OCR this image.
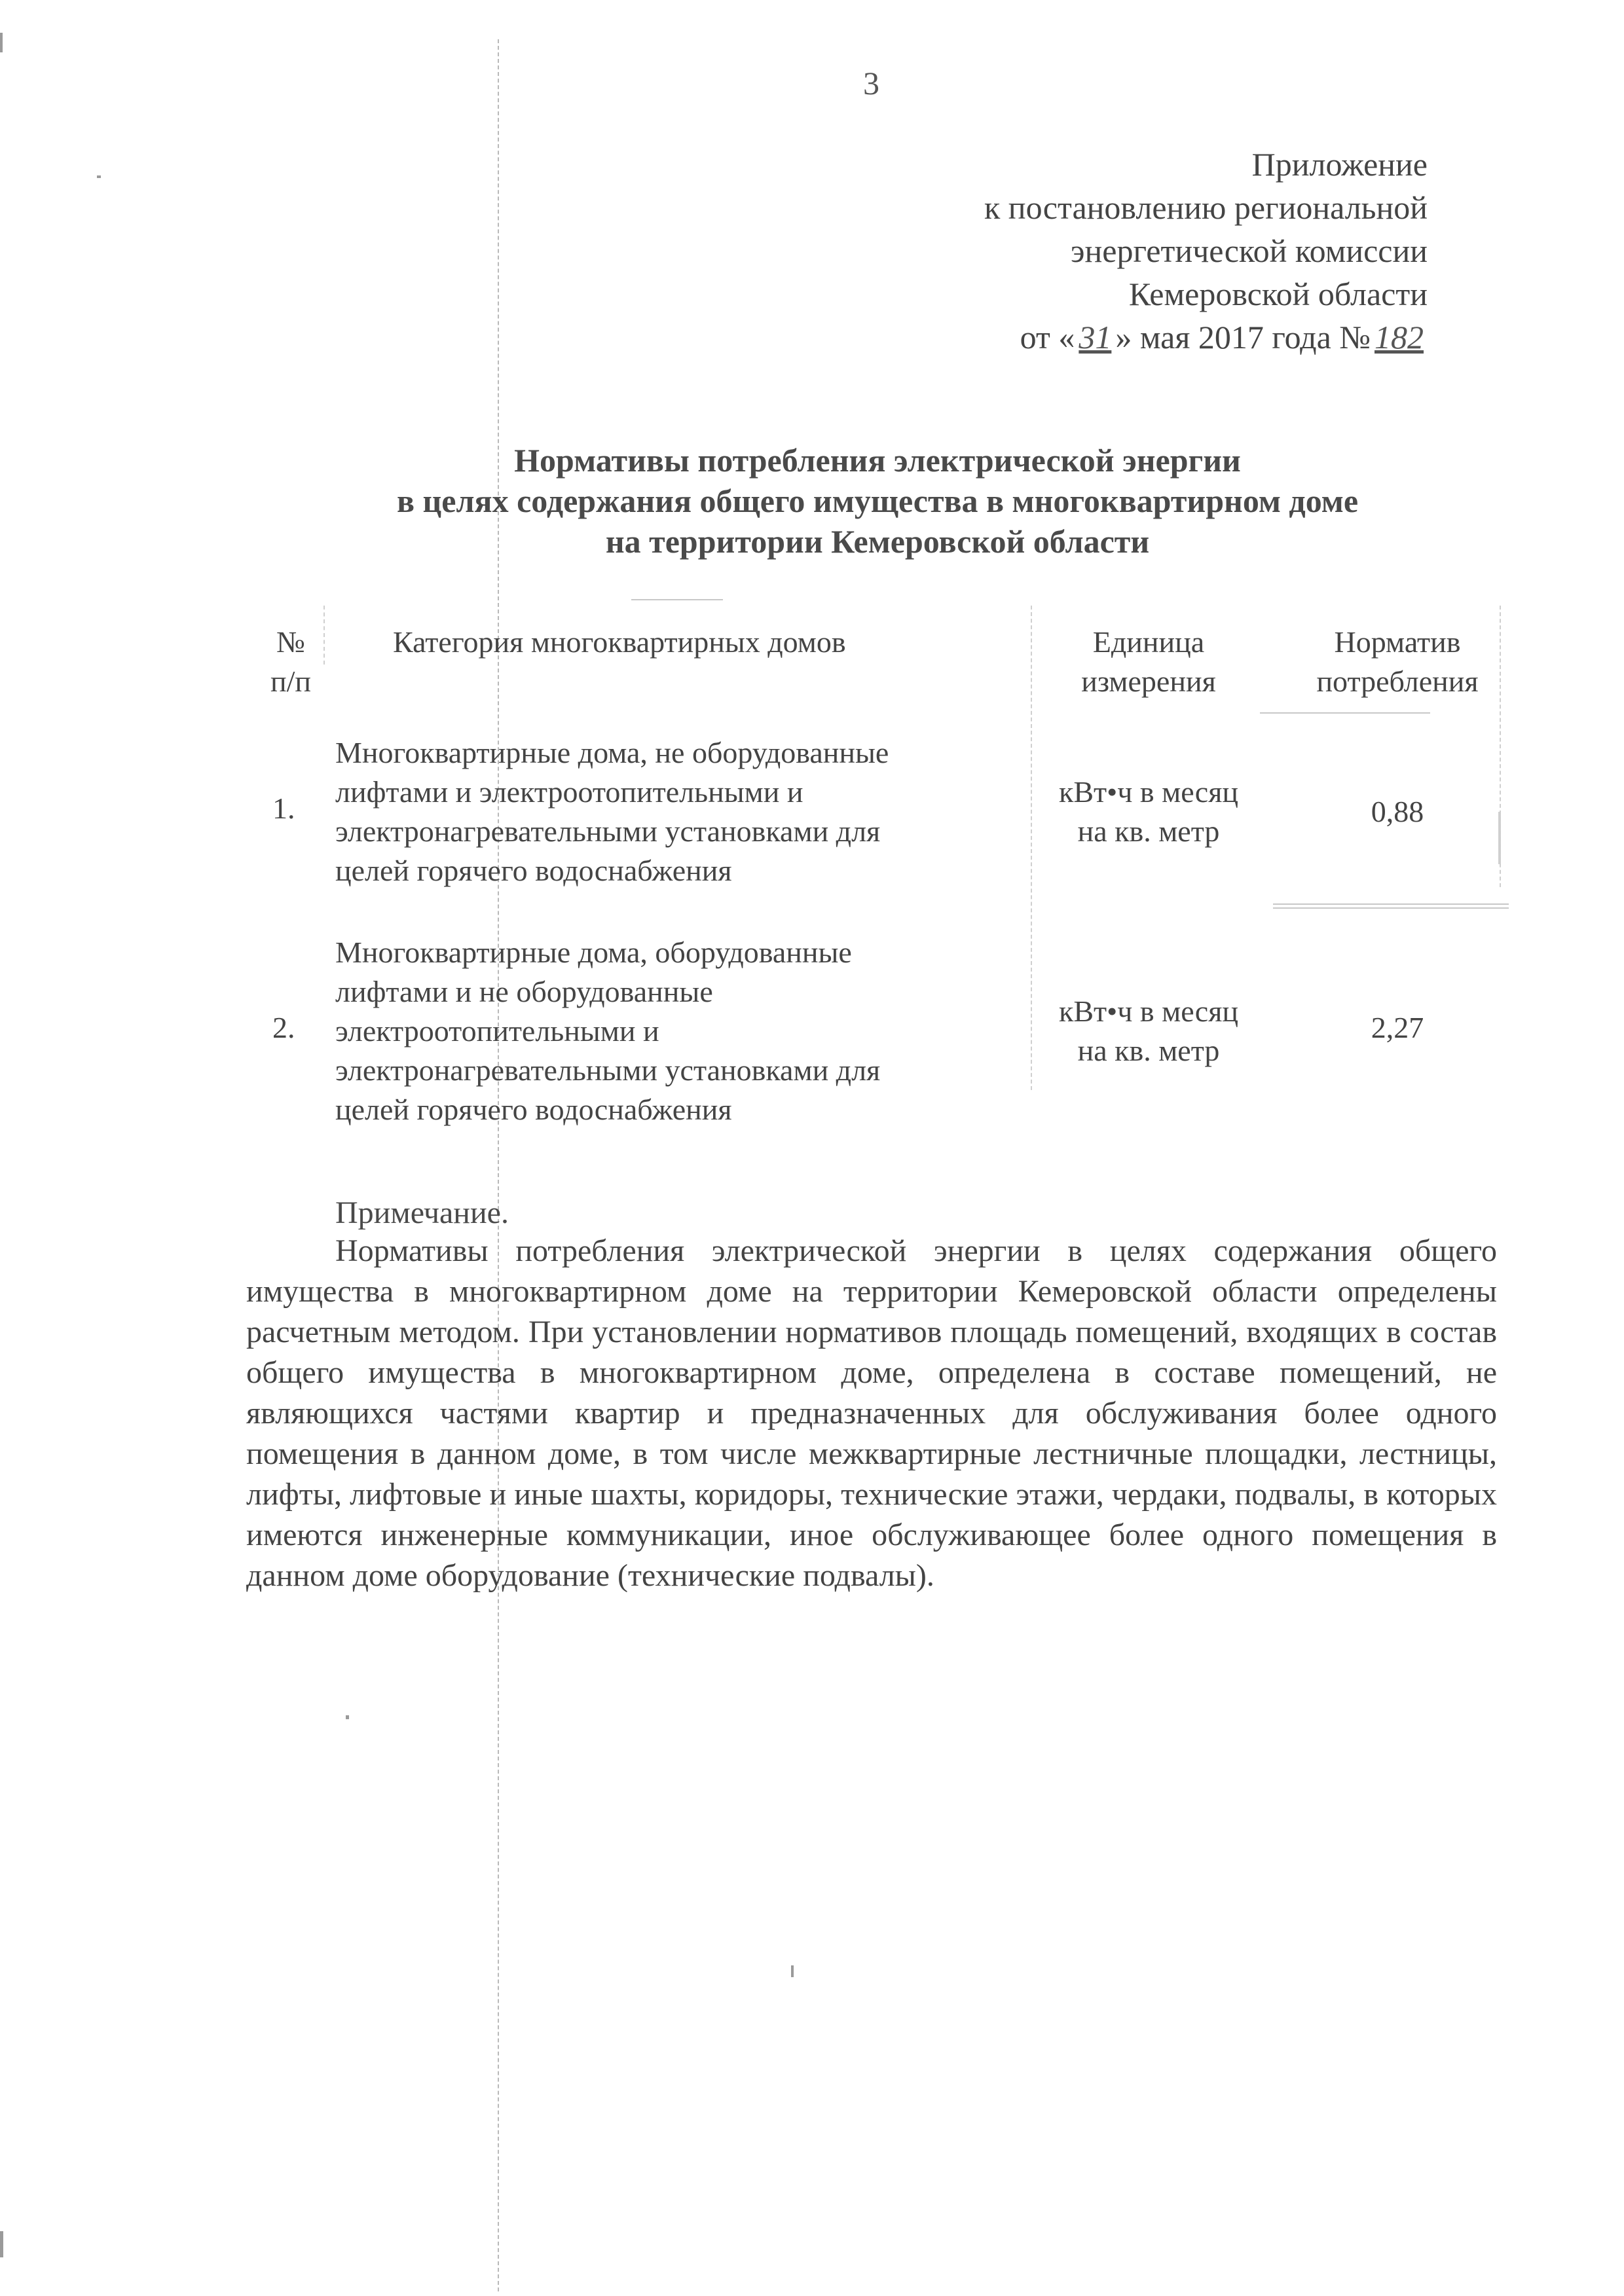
3
Приложение
к постановлению региональной
энергетической комиссии
Кемеровской области
от « 31 » мая 2017 года № 182
Нормативы потребления электрической энергии
в целях содержания общего имущества в многоквартирном доме
на территории Кемеровской области
№
п/п
Категория многоквартирных домов	Единица
измерения
Норматив
потребления
1.
Многоквартирные дома, не оборудованные
лифтами и электроотопительными и
электронагревательными установками для
целей горячего водоснабжения
кВт•ч в месяц
на кв. метр
0,88
2.
Многоквартирные дома, оборудованные
лифтами и не оборудованные
электроотопительными и
электронагревательными установками для
целей горячего водоснабжения
кВт•ч в месяц
на кв. метр
2,27
Примечание.
Нормативы потребления электрической энергии в целях содержания общего имущества в многоквартирном доме на территории Кемеровской области определены расчетным методом. При установлении нормативов площадь помещений, входящих в состав общего имущества в многоквартирном доме, определена в составе помещений, не являющихся частями квартир и предназначенных для обслуживания более одного помещения в данном доме, в том числе межквартирные лестничные площадки, лестницы, лифты, лифтовые и иные шахты, коридоры, технические этажи, чердаки, подвалы, в которых имеются инженерные коммуникации, иное обслуживающее более одного помещения в данном доме оборудование (технические подвалы).
